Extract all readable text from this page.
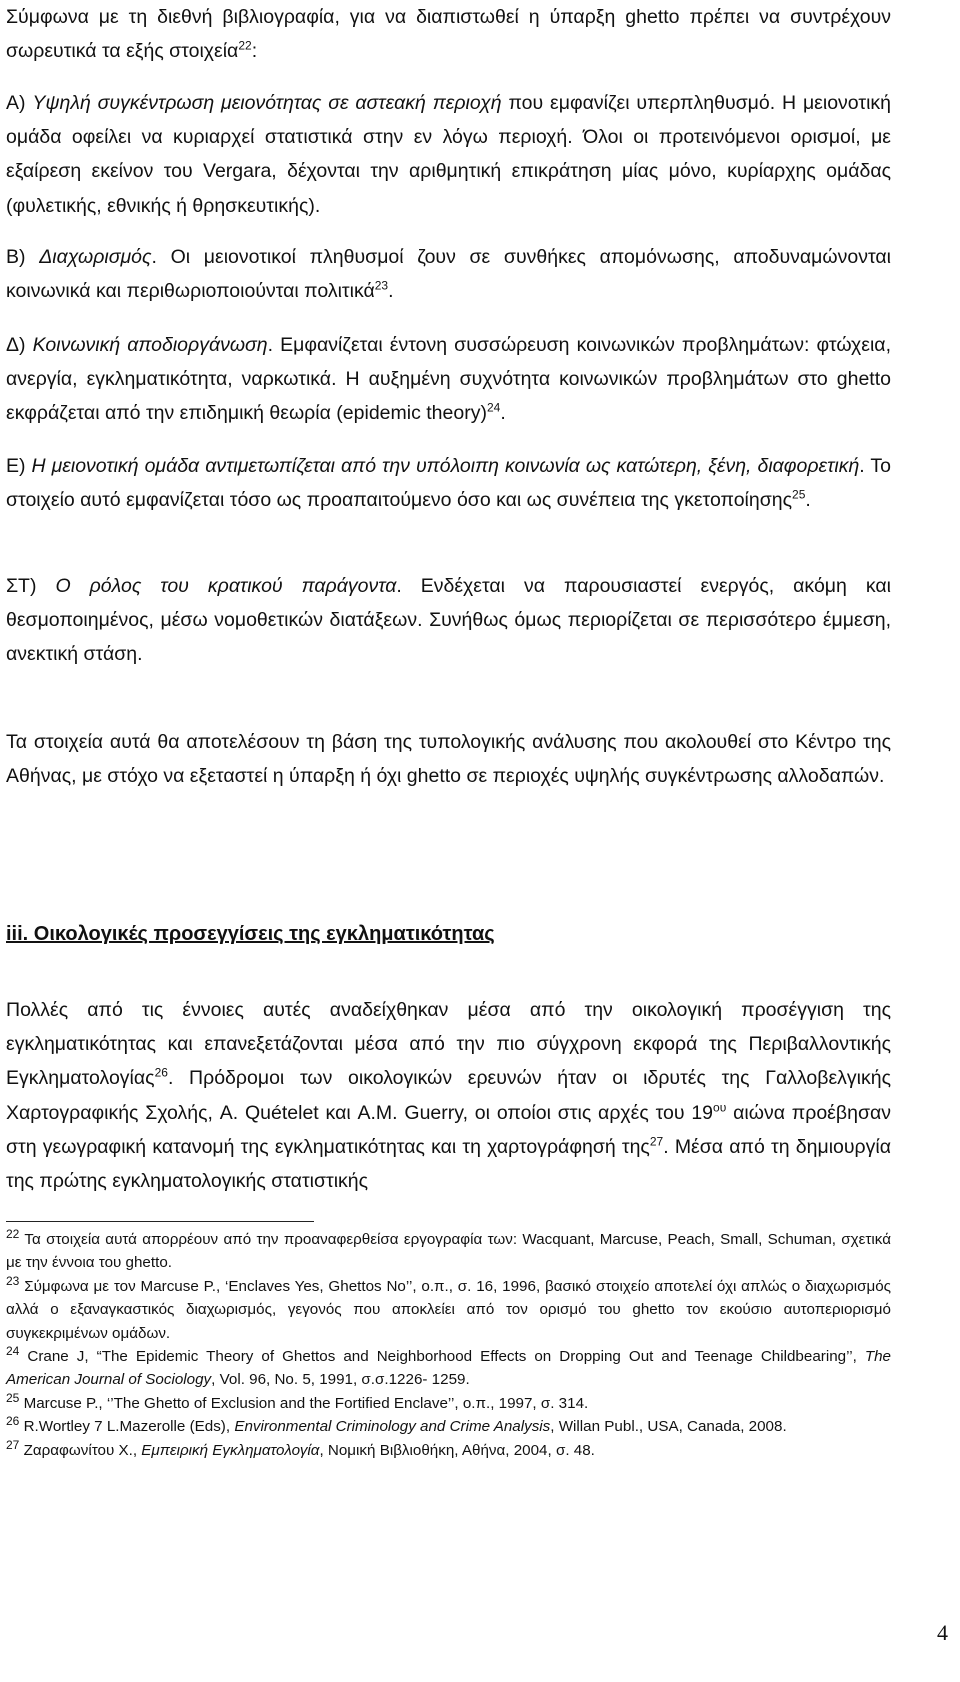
Σύμφωνα με τη διεθνή βιβλιογραφία, για να διαπιστωθεί η ύπαρξη ghetto πρέπει να συντρέχουν σωρευτικά τα εξής στοιχεία$^{22}$:

Α) Υψηλή συγκέντρωση μειονότητας σε αστεακή περιοχή που εμφανίζει υπερπληθυσμό. Η μειονοτική ομάδα οφείλει να κυριαρχεί στατιστικά στην εν λόγω περιοχή. Όλοι οι προτεινόμενοι ορισμοί, με εξαίρεση εκείνον του Vergara, δέχονται την αριθμητική επικράτηση μίας μόνο, κυρίαρχης ομάδας (φυλετικής, εθνικής ή θρησκευτικής).

Β) Διαχωρισμός. Οι μειονοτικοί πληθυσμοί ζουν σε συνθήκες απομόνωσης, αποδυναμώνονται κοινωνικά και περιθωριοποιούνται πολιτικά$^{23}$.

Δ) Κοινωνική αποδιοργάνωση. Εμφανίζεται έντονη συσσώρευση κοινωνικών προβλημάτων: φτώχεια, ανεργία, εγκληματικότητα, ναρκωτικά. Η αυξημένη συχνότητα κοινωνικών προβλημάτων στο ghetto εκφράζεται από την επιδημική θεωρία (epidemic theory)$^{24}$.

Ε) Η μειονοτική ομάδα αντιμετωπίζεται από την υπόλοιπη κοινωνία ως κατώτερη, ξένη, διαφορετική. Το στοιχείο αυτό εμφανίζεται τόσο ως προαπαιτούμενο όσο και ως συνέπεια της γκετοποίησης$^{25}$.

ΣΤ) Ο ρόλος του κρατικού παράγοντα. Ενδέχεται να παρουσιαστεί ενεργός, ακόμη και θεσμοποιημένος, μέσω νομοθετικών διατάξεων. Συνήθως όμως περιορίζεται σε περισσότερο έμμεση, ανεκτική στάση.

Τα στοιχεία αυτά θα αποτελέσουν τη βάση της τυπολογικής ανάλυσης που ακολουθεί στο Κέντρο της Αθήνας, με στόχο να εξεταστεί η ύπαρξη ή όχι ghetto σε περιοχές υψηλής συγκέντρωσης αλλοδαπών.

iii. Οικολογικές προσεγγίσεις της εγκληματικότητας

Πολλές από τις έννοιες αυτές αναδείχθηκαν μέσα από την οικολογική προσέγγιση της εγκληματικότητας και επανεξετάζονται μέσα από την πιο σύγχρονη εκφορά της Περιβαλλοντικής Εγκληματολογίας$^{26}$. Πρόδρομοι των οικολογικών ερευνών ήταν οι ιδρυτές της Γαλλοβελγικής Χαρτογραφικής Σχολής, A. Quételet και A.M. Guerry, οι οποίοι στις αρχές του $19^{o\upsilon}$ αιώνα προέβησαν στη γεωγραφική κατανομή της εγκληματικότητας και τη χαρτογράφησή της$^{27}$. Μέσα από τη δημιουργία της πρώτης εγκληματολογικής στατιστικής

$^{22}$ Τα στοιχεία αυτά απορρέουν από την προαναφερθείσα εργογραφία των: Wacquant, Marcuse, Peach, Small, Schuman, σχετικά με την έννοια του ghetto.

$^{23}$ Σύμφωνα με τον Marcuse P., ‘Enclaves Yes, Ghettos No’’, ο.π., σ. 16, 1996, βασικό στοιχείο αποτελεί όχι απλώς ο διαχωρισμός αλλά ο εξαναγκαστικός διαχωρισμός, γεγονός που αποκλείει από τον ορισμό του ghetto τον εκούσιο αυτοπεριορισμό συγκεκριμένων ομάδων.

$^{24}$ Crane J, “The Epidemic Theory of Ghettos and Neighborhood Effects on Dropping Out and Teenage Childbearing’’, The American Journal of Sociology, Vol. 96, No. 5, 1991, σ.σ.1226- 1259.

$^{25}$ Marcuse P., ‘’The Ghetto of Exclusion and the Fortified Enclave’’, ο.π., 1997, σ. 314.

$^{26}$ R.Wortley 7 L.Mazerolle (Eds), Environmental Criminology and Crime Analysis, Willan Publ., USA, Canada, 2008.

$^{27}$ Ζαραφωνίτου Χ., Εμπειρική Εγκληματολογία, Νομική Βιβλιοθήκη, Αθήνα, 2004, σ. 48.

4
